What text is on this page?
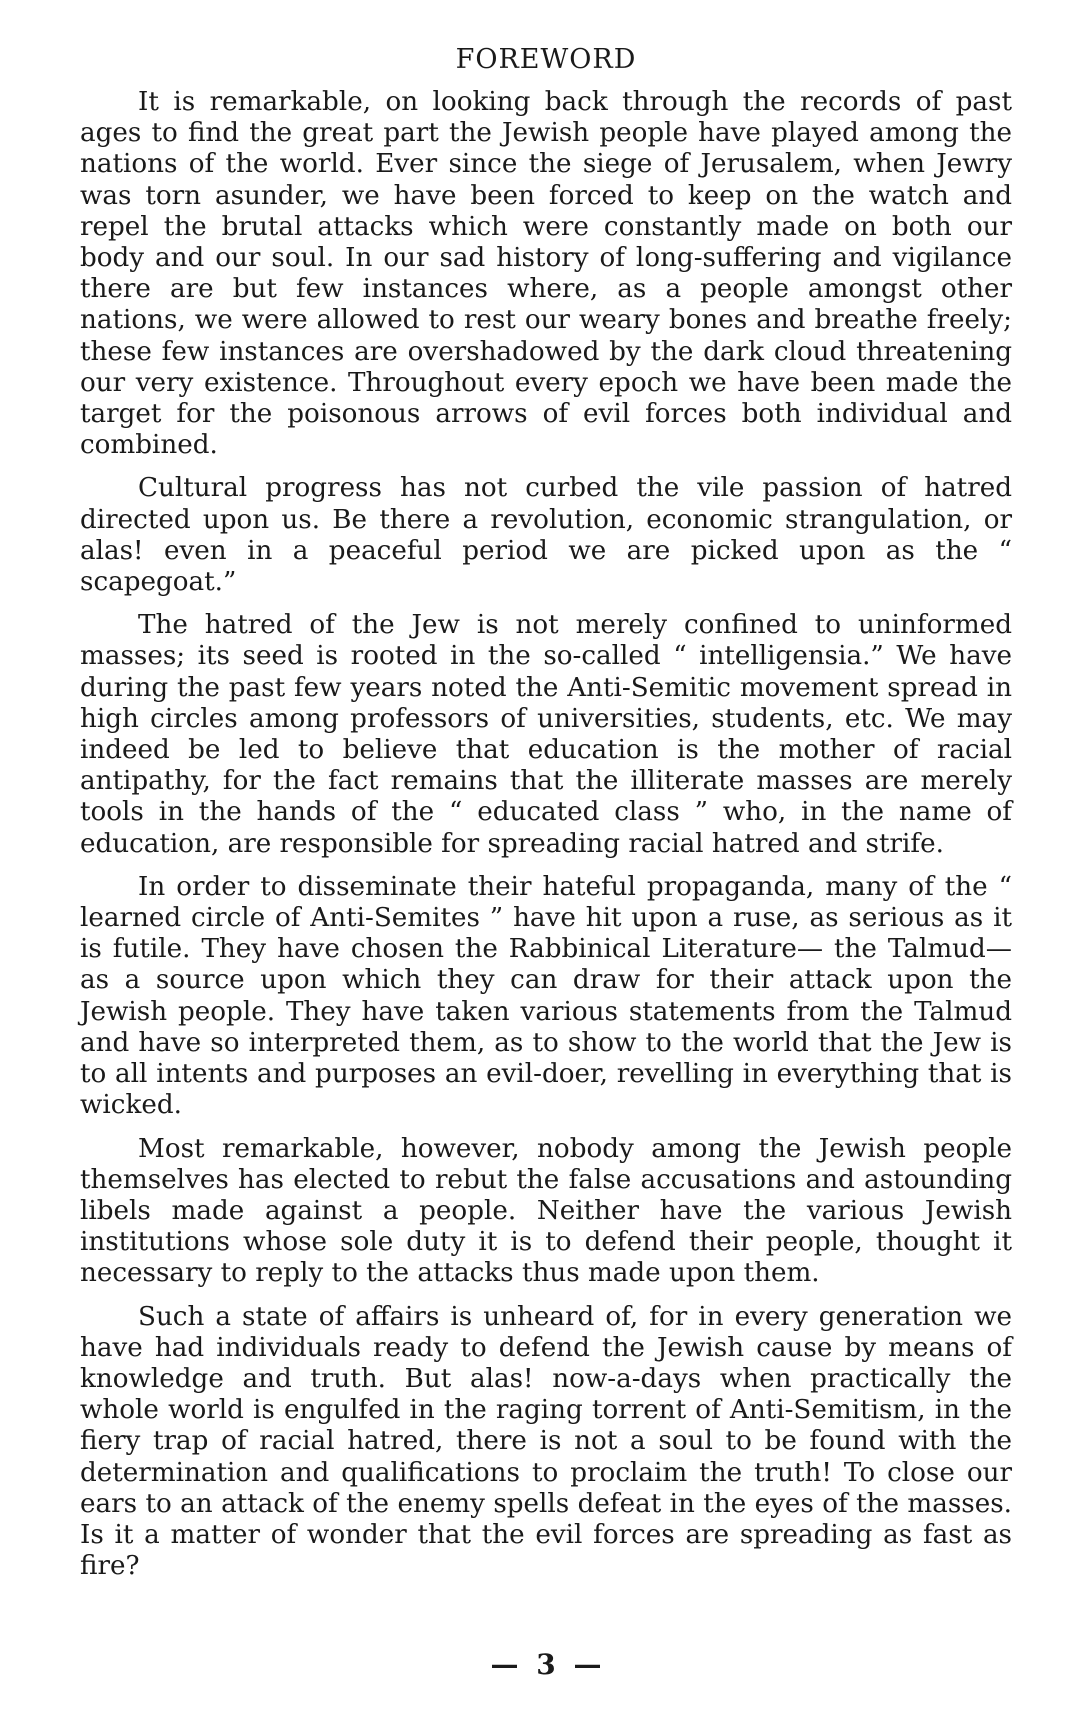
FOREWORD

It is remarkable, on looking back through the records of past ages to find the great part the Jewish people have played among the nations of the world. Ever since the siege of Jerusalem, when Jewry was torn asunder, we have been forced to keep on the watch and repel the brutal attacks which were constantly made on both our body and our soul. In our sad history of long-suffering and vigilance there are but few instances where, as a people amongst other nations, we were allowed to rest our weary bones and breathe freely; these few instances are overshadowed by the dark cloud threatening our very existence. Throughout every epoch we have been made the target for the poisonous arrows of evil forces both individual and combined.

Cultural progress has not curbed the vile passion of hatred directed upon us. Be there a revolution, economic strangulation, or alas! even in a peaceful period we are picked upon as the “ scapegoat.”

The hatred of the Jew is not merely confined to uninformed masses; its seed is rooted in the so-called “ intelligensia.” We have during the past few years noted the Anti-Semitic movement spread in high circles among professors of universities, students, etc. We may indeed be led to believe that education is the mother of racial antipathy, for the fact remains that the illiterate masses are merely tools in the hands of the “ educated class ” who, in the name of education, are responsible for spreading racial hatred and strife.

In order to disseminate their hateful propaganda, many of the “ learned circle of Anti-Semites ” have hit upon a ruse, as serious as it is futile. They have chosen the Rabbinical Literature— the Talmud—as a source upon which they can draw for their attack upon the Jewish people. They have taken various statements from the Talmud and have so interpreted them, as to show to the world that the Jew is to all intents and purposes an evil-doer, revelling in everything that is wicked.

Most remarkable, however, nobody among the Jewish people themselves has elected to rebut the false accusations and astounding libels made against a people. Neither have the various Jewish institutions whose sole duty it is to defend their people, thought it necessary to reply to the attacks thus made upon them.

Such a state of affairs is unheard of, for in every generation we have had individuals ready to defend the Jewish cause by means of knowledge and truth. But alas! now-a-days when practically the whole world is engulfed in the raging torrent of Anti-Semitism, in the fiery trap of racial hatred, there is not a soul to be found with the determination and qualifications to proclaim the truth! To close our ears to an attack of the enemy spells defeat in the eyes of the masses. Is it a matter of wonder that the evil forces are spreading as fast as fire?

— 3 —
